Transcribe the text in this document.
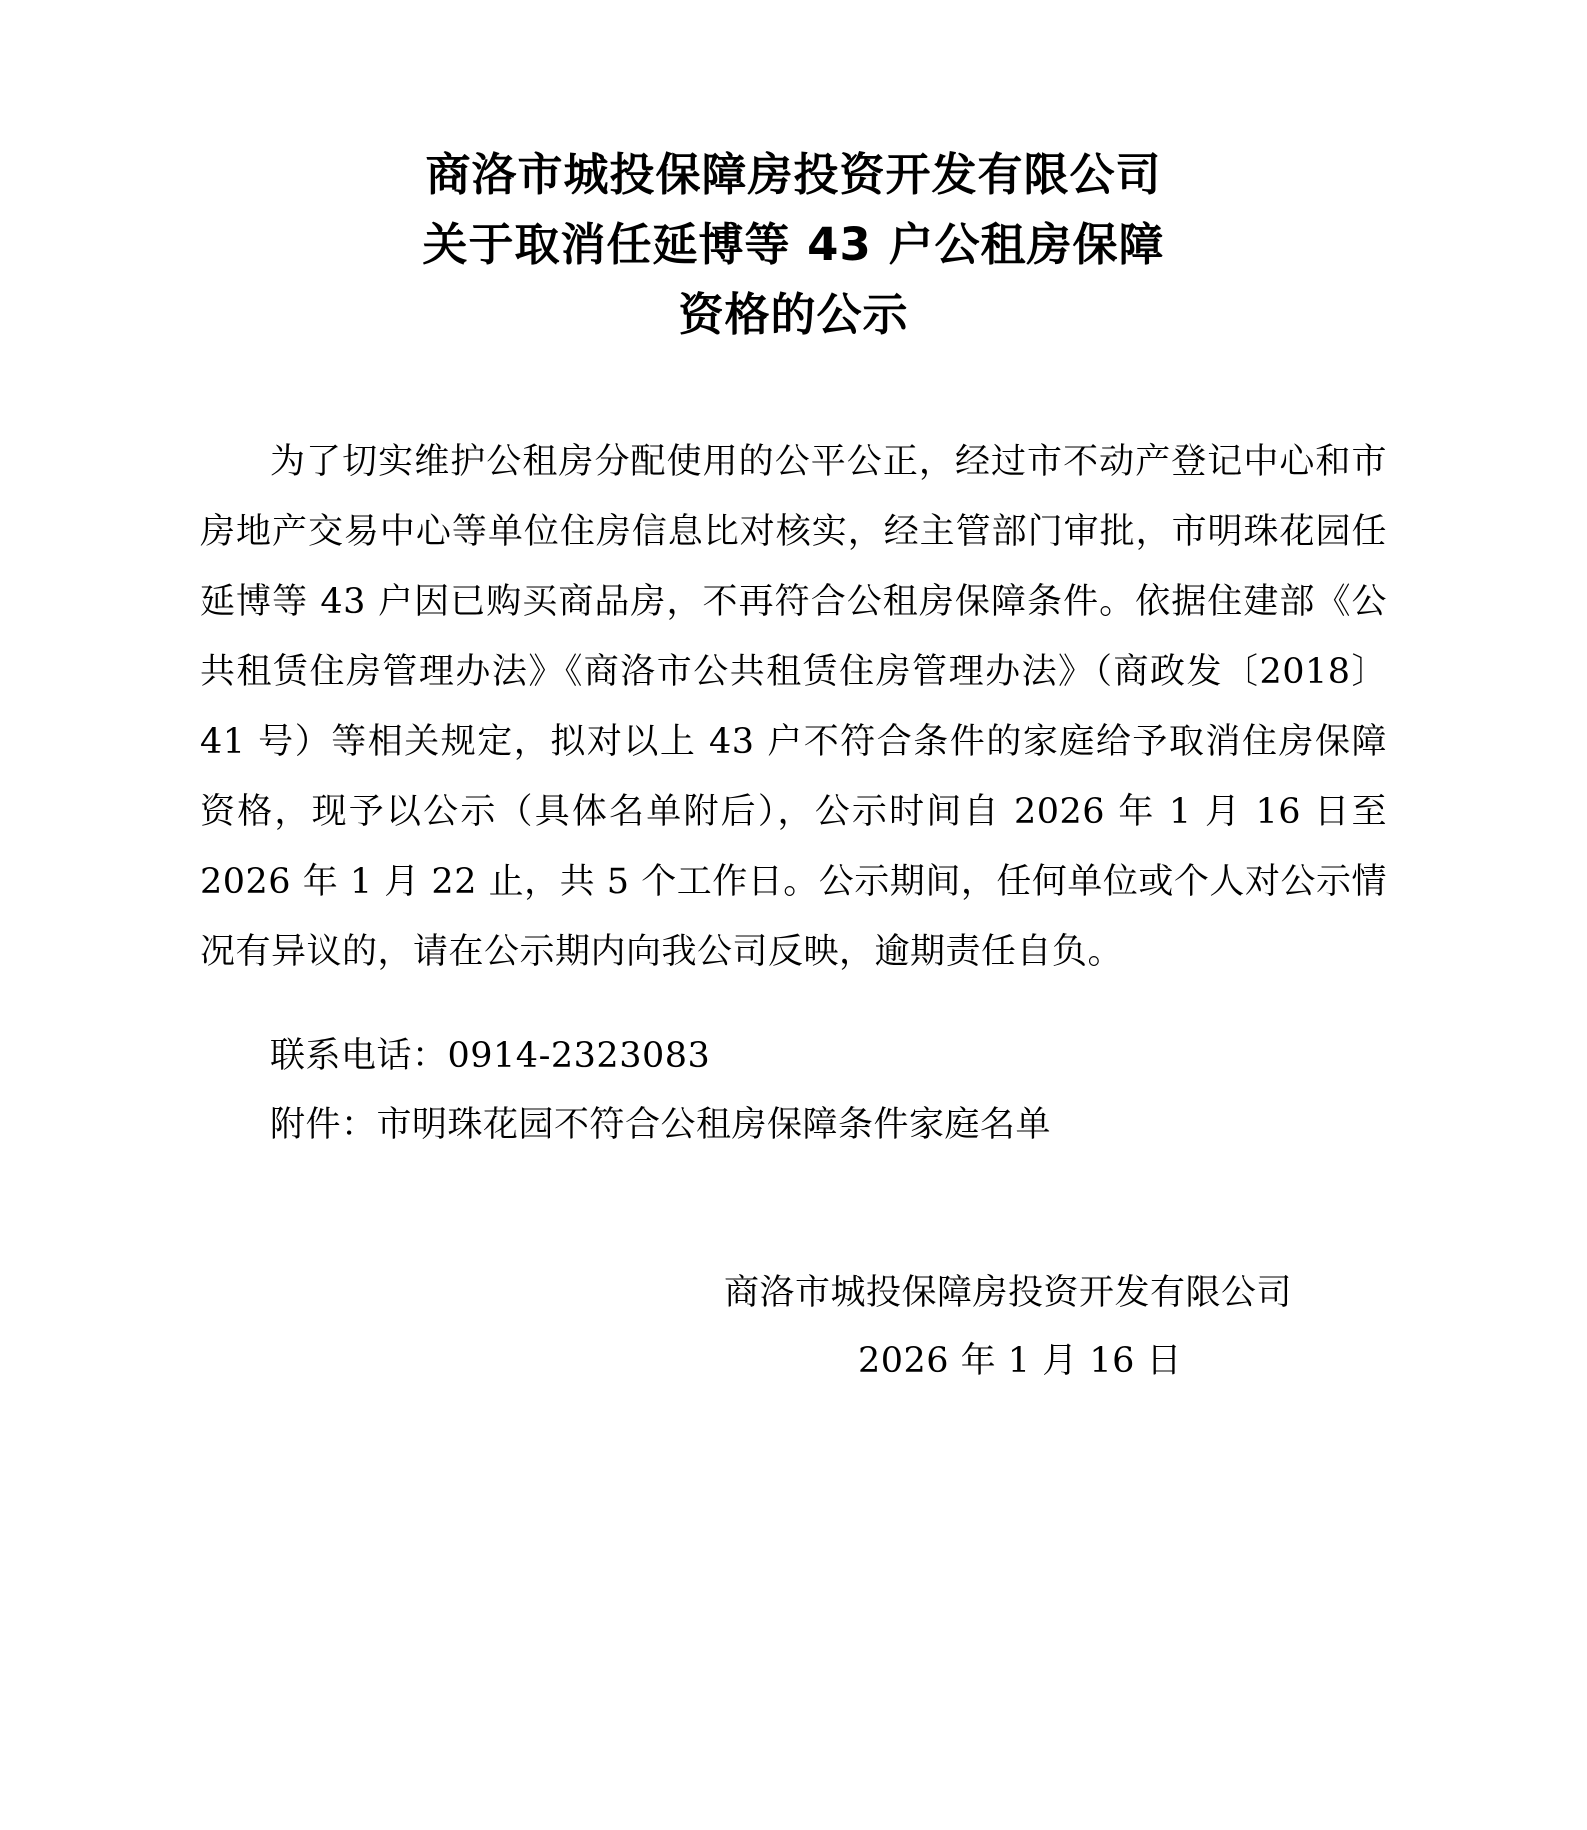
商洛市城投保障房投资开发有限公司
关于取消任延博等 43 户公租房保障
资格的公示

为了切实维护公租房分配使用的公平公正，经过市不动产登记中心和市房地产交易中心等单位住房信息比对核实，经主管部门审批，市明珠花园任延博等 43 户因已购买商品房，不再符合公租房保障条件。依据住建部《公共租赁住房管理办法》《商洛市公共租赁住房管理办法》（商政发〔2018〕41 号）等相关规定，拟对以上 43 户不符合条件的家庭给予取消住房保障资格，现予以公示（具体名单附后），公示时间自 2026 年 1 月 16 日至 2026 年 1 月 22 止，共 5 个工作日。公示期间，任何单位或个人对公示情况有异议的，请在公示期内向我公司反映，逾期责任自负。

联系电话：0914-2323083
附件：市明珠花园不符合公租房保障条件家庭名单
商洛市城投保障房投资开发有限公司
2026 年 1 月 16 日
